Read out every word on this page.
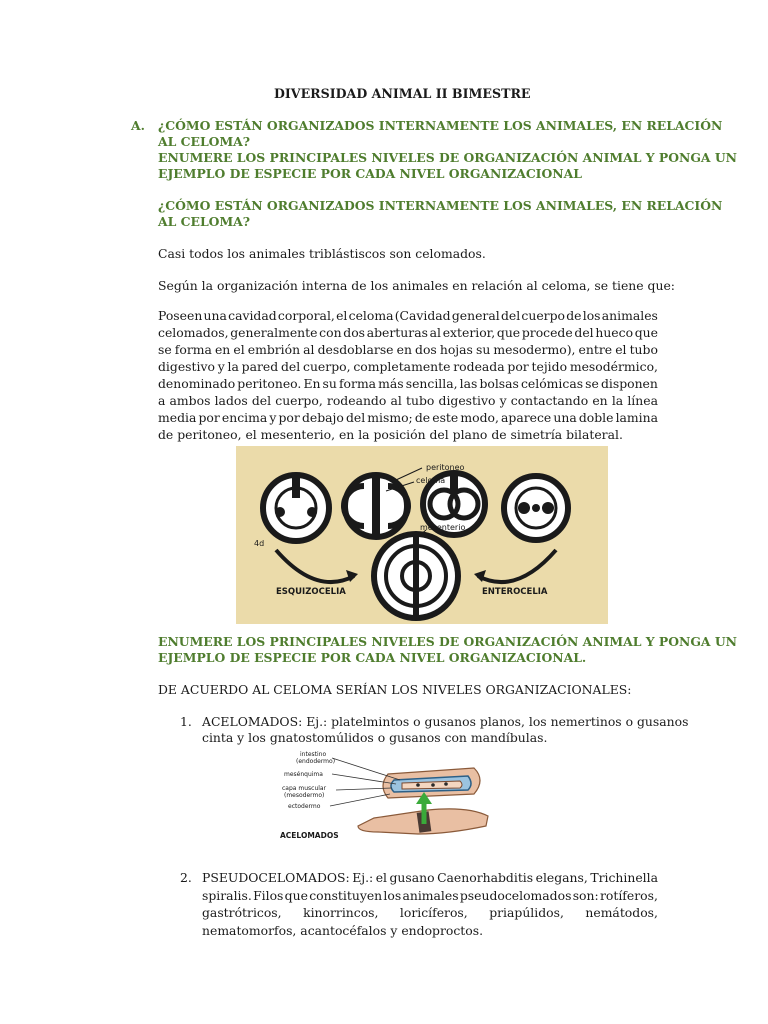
DIVERSIDAD ANIMAL II BIMESTRE

A. ¿CÓMO ESTÁN ORGANIZADOS INTERNAMENTE LOS ANIMALES, EN RELACIÓN

AL CELOMA?

ENUMERE LOS PRINCIPALES NIVELES DE ORGANIZACIÓN ANIMAL Y PONGA UN

EJEMPLO DE ESPECIE POR CADA NIVEL ORGANIZACIONAL

¿CÓMO ESTÁN ORGANIZADOS INTERNAMENTE LOS ANIMALES, EN RELACIÓN

AL CELOMA?

Casi todos los animales triblástiscos son celomados.

Según la organización interna de los animales en relación al celoma, se tiene que:

Poseen una cavidad corporal, el celoma (Cavidad general del cuerpo de los animales
celomados, generalmente con dos aberturas al exterior, que procede del hueco que
se forma en el embrión al desdoblarse en dos hojas su mesodermo), entre el tubo
digestivo y la pared del cuerpo, completamente rodeada por tejido mesodérmico,
denominado peritoneo. En su forma más sencilla, las bolsas celómicas se disponen
a ambos lados del cuerpo, rodeando al tubo digestivo y contactando en la línea
media por encima y por debajo del mismo; de este modo, aparece una doble lamina
de peritoneo, el mesenterio, en la posición del plano de simetría bilateral.
peritoneo
celoma
mesenterio
4d
ESQUIZOCELIA	ENTEROCELIA

ENUMERE LOS PRINCIPALES NIVELES DE ORGANIZACIÓN ANIMAL Y PONGA UN

EJEMPLO DE ESPECIE POR CADA NIVEL ORGANIZACIONAL.

DE ACUERDO AL CELOMA SERÍAN LOS NIVELES ORGANIZACIONALES:

1. ACELOMADOS: Ej.: platelmintos o gusanos planos, los nemertinos o gusanos

cinta y los gnatostomúlidos o gusanos con mandíbulas.

intestino
(endodermo)
mesénquima
capa muscular
(mesodermo)
ectodermo
ACELOMADOS

2. PSEUDOCELOMADOS: Ej.: el gusano Caenorhabditis elegans, Trichinella
spiralis. Filos que constituyen los animales pseudocelomados son: rotíferos,
gastrótricos, kinorrincos, loricíferos, priapúlidos, nemátodos,
nematomorfos, acantocéfalos y endoproctos.
